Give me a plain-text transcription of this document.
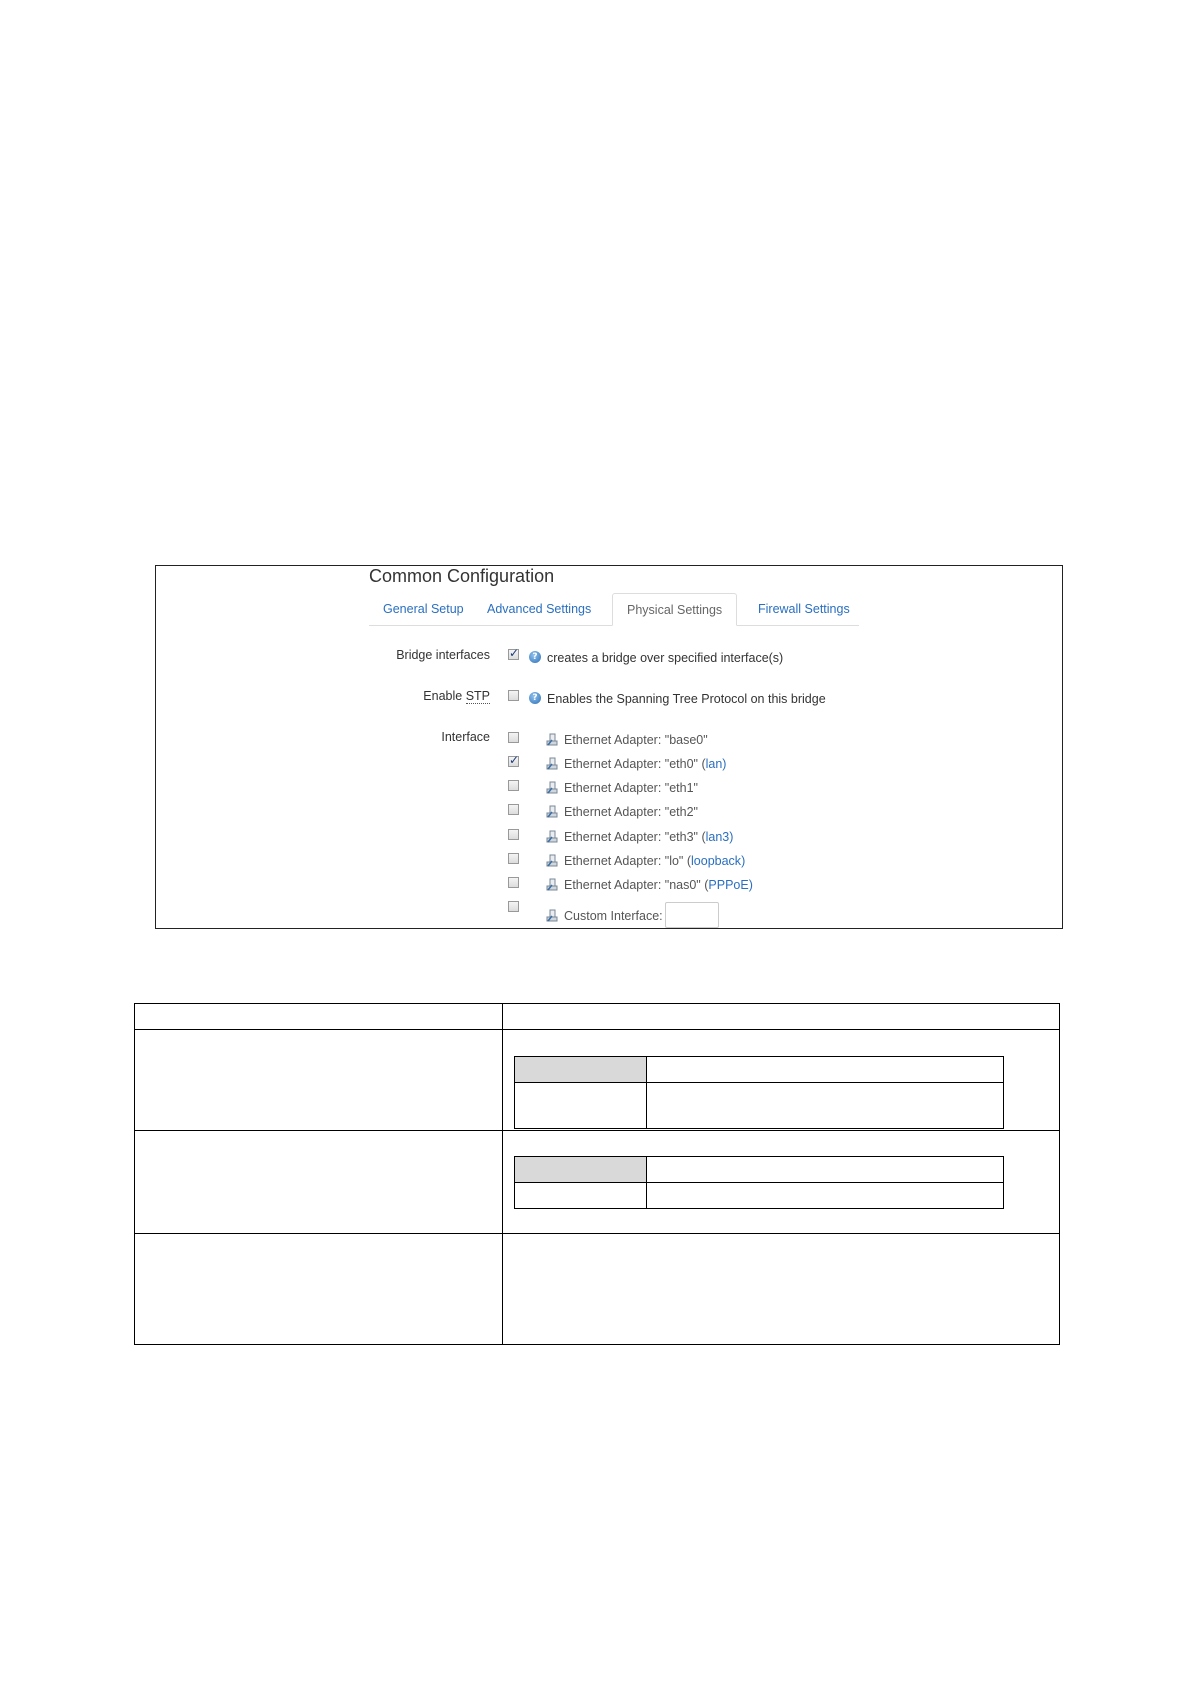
Common Configuration
General Setup	Advanced Settings	Physical Settings	Firewall Settings
Bridge interfaces
✓	? creates a bridge over specified interface(s)
Enable STP	? Enables the Spanning Tree Protocol on this bridge
Interface	Ethernet Adapter: "base0"
✓
Ethernet Adapter: "eth0" (lan)
Ethernet Adapter: "eth1"
Ethernet Adapter: "eth2"
Ethernet Adapter: "eth3" (lan3)
Ethernet Adapter: "lo" (loopback)
Ethernet Adapter: "nas0" (PPPoE)
Custom Interface:
